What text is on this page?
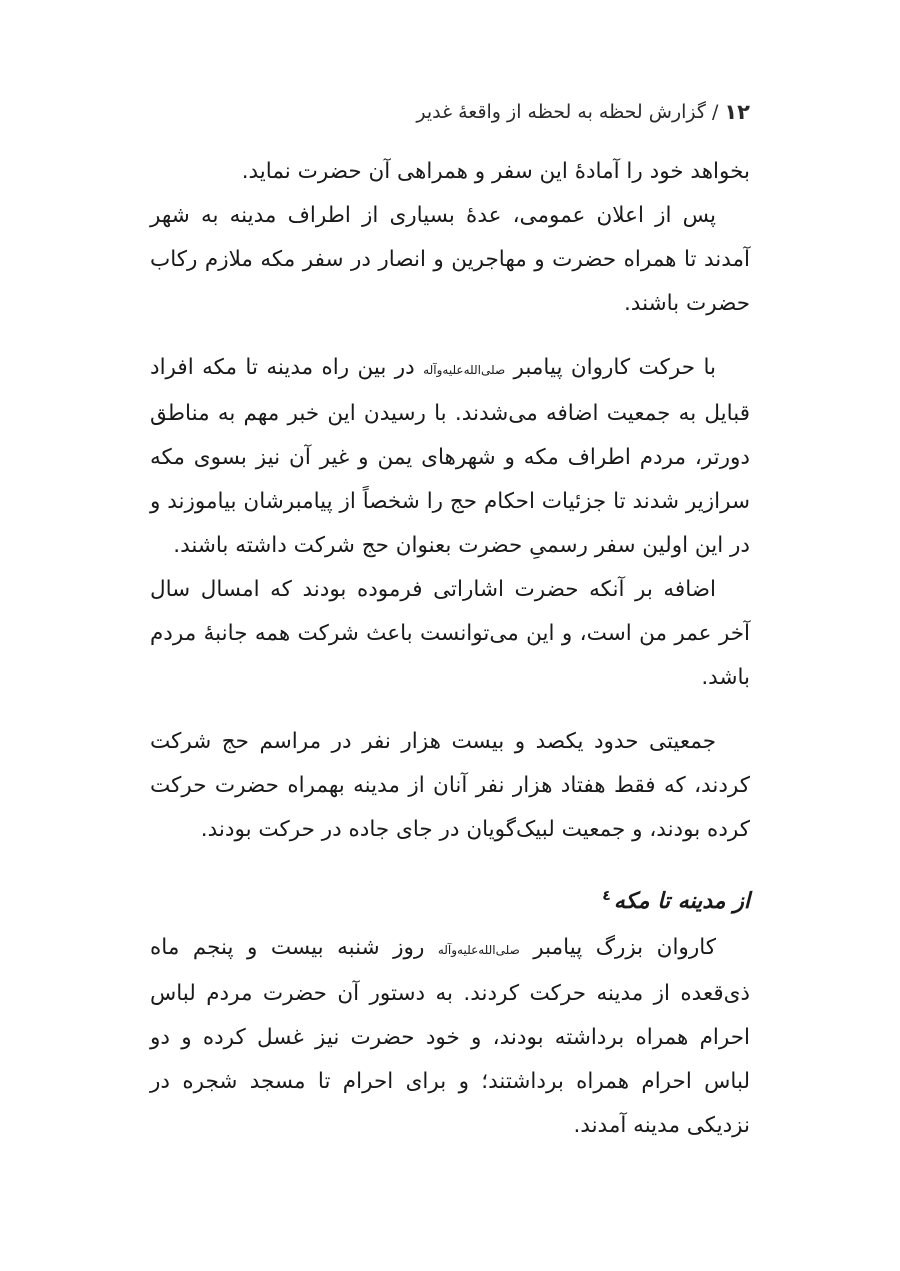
۱۲
/
گزارش لحظه به لحظه از واقعهٔ غدیر

بخواهد خود را آمادهٔ این سفر و همراهی آن حضرت نماید.

پس از اعلان عمومی، عدهٔ بسیاری از اطراف مدینه به شهر آمدند تا همراه حضرت و مهاجرین و انصار در سفر مکه ملازم رکاب حضرت باشند.

با حرکت کاروان پیامبر صلی‌الله‌علیه‌وآله در بین راه مدینه تا مکه افراد قبایل به جمعیت اضافه می‌شدند. با رسیدن این خبر مهم به مناطق دورتر، مردم اطراف مکه و شهرهای یمن و غیر آن نیز بسوی مکه سرازیر شدند تا جزئیات احکام حج را شخصاً از پیامبرشان بیاموزند و در این اولین سفر رسمیِ حضرت بعنوان حج شرکت داشته باشند.

اضافه بر آنکه حضرت اشاراتی فرموده بودند که امسال سال آخر عمر من است، و این می‌توانست باعث شرکت همه جانبهٔ مردم باشد.

جمعیتی حدود یکصد و بیست هزار نفر در مراسم حج شرکت کردند، که فقط هفتاد هزار نفر آنان از مدینه بهمراه حضرت حرکت کرده بودند، و جمعیت لبیک‌گویان در جای جاده در حرکت بودند.

از مدینه تا مکه$^٤$

کاروان بزرگ پیامبر صلی‌الله‌علیه‌وآله روز شنبه بیست و پنجم ماه ذی‌قعده از مدینه حرکت کردند. به دستور آن حضرت مردم لباس احرام همراه برداشته بودند، و خود حضرت نیز غسل کرده و دو لباس احرام همراه برداشتند؛ و برای احرام تا مسجد شجره در نزدیکی مدینه آمدند.
